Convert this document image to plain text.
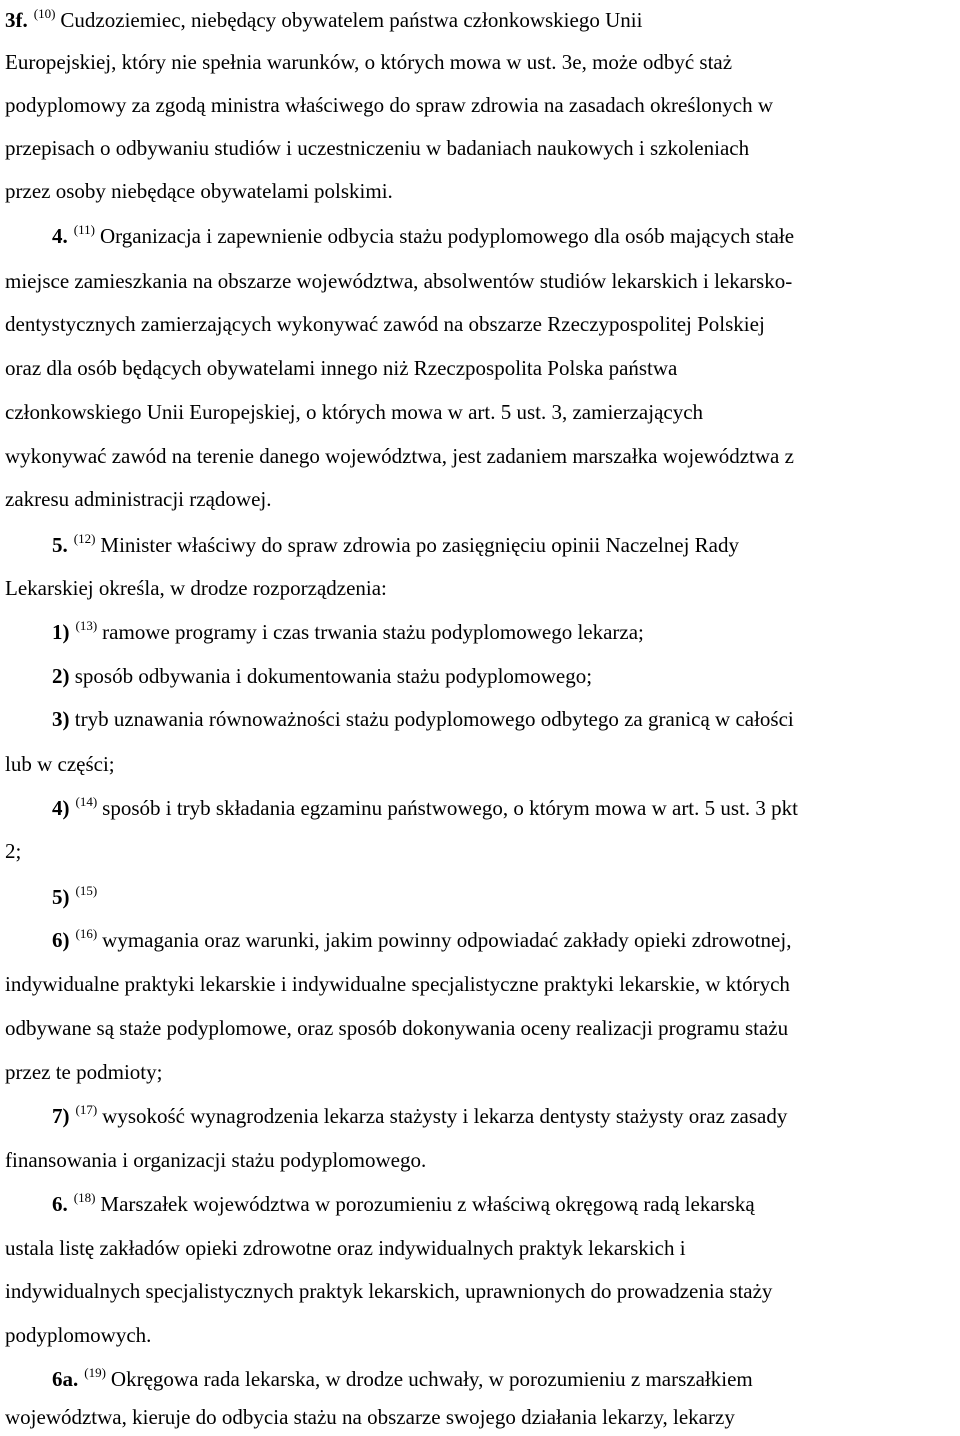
3f. $^{(10)}$ Cudzoziemiec, niebędący obywatelem państwa członkowskiego Unii
Europejskiej, który nie spełnia warunków, o których mowa w ust. 3e, może odbyć staż
podyplomowy za zgodą ministra właściwego do spraw zdrowia na zasadach określonych w
przepisach o odbywaniu studiów i uczestniczeniu w badaniach naukowych i szkoleniach
przez osoby niebędące obywatelami polskimi.
4. $^{(11)}$ Organizacja i zapewnienie odbycia stażu podyplomowego dla osób mających stałe
miejsce zamieszkania na obszarze województwa, absolwentów studiów lekarskich i lekarsko-
dentystycznych zamierzających wykonywać zawód na obszarze Rzeczypospolitej Polskiej
oraz dla osób będących obywatelami innego niż Rzeczpospolita Polska państwa
członkowskiego Unii Europejskiej, o których mowa w art. 5 ust. 3, zamierzających
wykonywać zawód na terenie danego województwa, jest zadaniem marszałka województwa z
zakresu administracji rządowej.
5. $^{(12)}$ Minister właściwy do spraw zdrowia po zasięgnięciu opinii Naczelnej Rady
Lekarskiej określa, w drodze rozporządzenia:
1) $^{(13)}$ ramowe programy i czas trwania stażu podyplomowego lekarza;
2) sposób odbywania i dokumentowania stażu podyplomowego;
3) tryb uznawania równoważności stażu podyplomowego odbytego za granicą w całości
lub w części;
4) $^{(14)}$ sposób i tryb składania egzaminu państwowego, o którym mowa w art. 5 ust. 3 pkt
2;
5) $^{(15)}$
6) $^{(16)}$ wymagania oraz warunki, jakim powinny odpowiadać zakłady opieki zdrowotnej,
indywidualne praktyki lekarskie i indywidualne specjalistyczne praktyki lekarskie, w których
odbywane są staże podyplomowe, oraz sposób dokonywania oceny realizacji programu stażu
przez te podmioty;
7) $^{(17)}$ wysokość wynagrodzenia lekarza stażysty i lekarza dentysty stażysty oraz zasady
finansowania i organizacji stażu podyplomowego.
6. $^{(18)}$ Marszałek województwa w porozumieniu z właściwą okręgową radą lekarską
ustala listę zakładów opieki zdrowotne oraz indywidualnych praktyk lekarskich i
indywidualnych specjalistycznych praktyk lekarskich, uprawnionych do prowadzenia staży
podyplomowych.
6a. $^{(19)}$ Okręgowa rada lekarska, w drodze uchwały, w porozumieniu z marszałkiem
województwa, kieruje do odbycia stażu na obszarze swojego działania lekarzy, lekarzy
